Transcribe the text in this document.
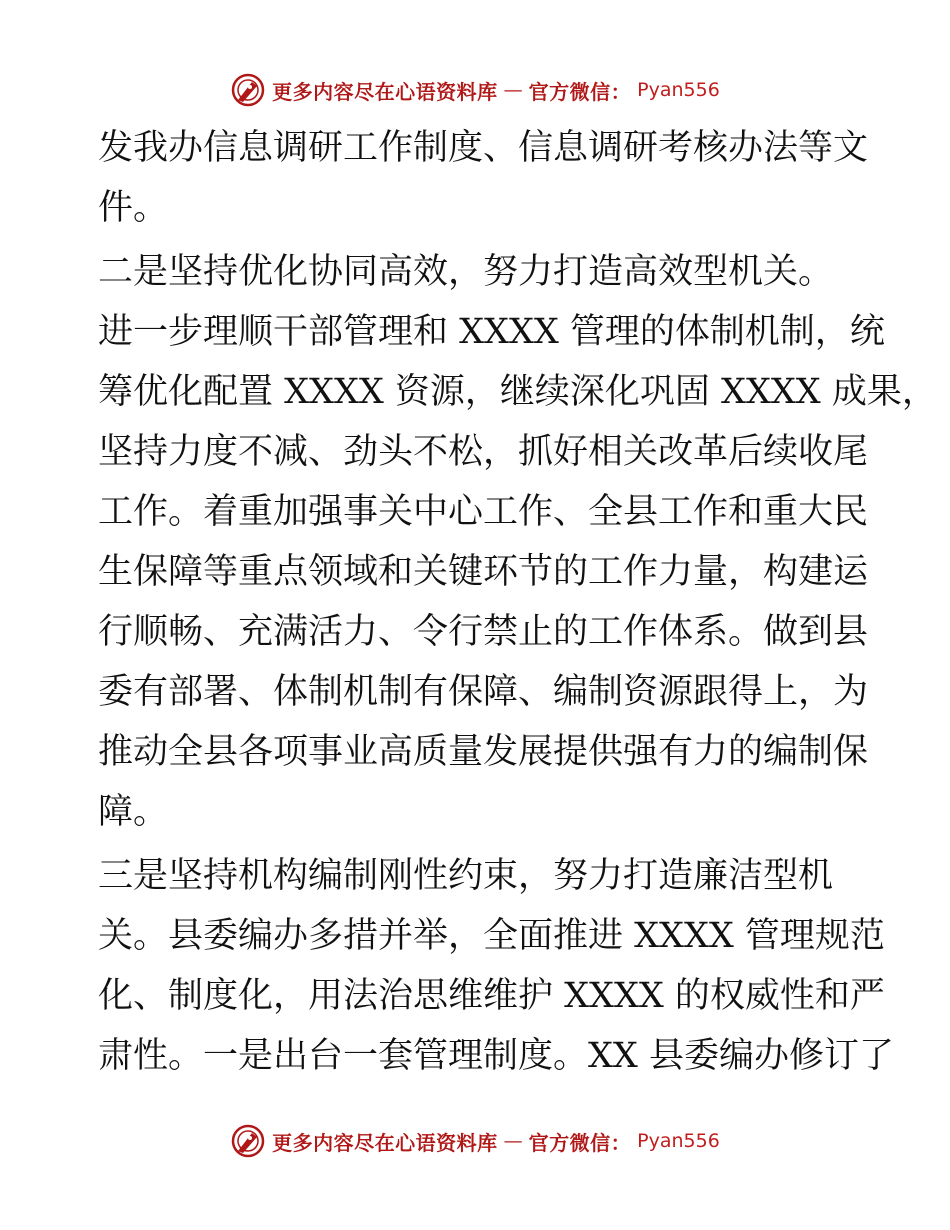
更多内容尽在心语资料库 — 官方微信： Pyan556
发我办信息调研工作制度、信息调研考核办法等文
件。
二是坚持优化协同高效，努力打造高效型机关。
进一步理顺干部管理和 XXXX 管理的体制机制，统
筹优化配置 XXXX 资源，继续深化巩固 XXXX 成果，
坚持力度不减、劲头不松，抓好相关改革后续收尾
工作。着重加强事关中心工作、全县工作和重大民
生保障等重点领域和关键环节的工作力量，构建运
行顺畅、充满活力、令行禁止的工作体系。做到县
委有部署、体制机制有保障、编制资源跟得上，为
推动全县各项事业高质量发展提供强有力的编制保
障。
三是坚持机构编制刚性约束，努力打造廉洁型机
关。县委编办多措并举，全面推进 XXXX 管理规范
化、制度化，用法治思维维护 XXXX 的权威性和严
肃性。一是出台一套管理制度。XX 县委编办修订了
更多内容尽在心语资料库 — 官方微信： Pyan556
